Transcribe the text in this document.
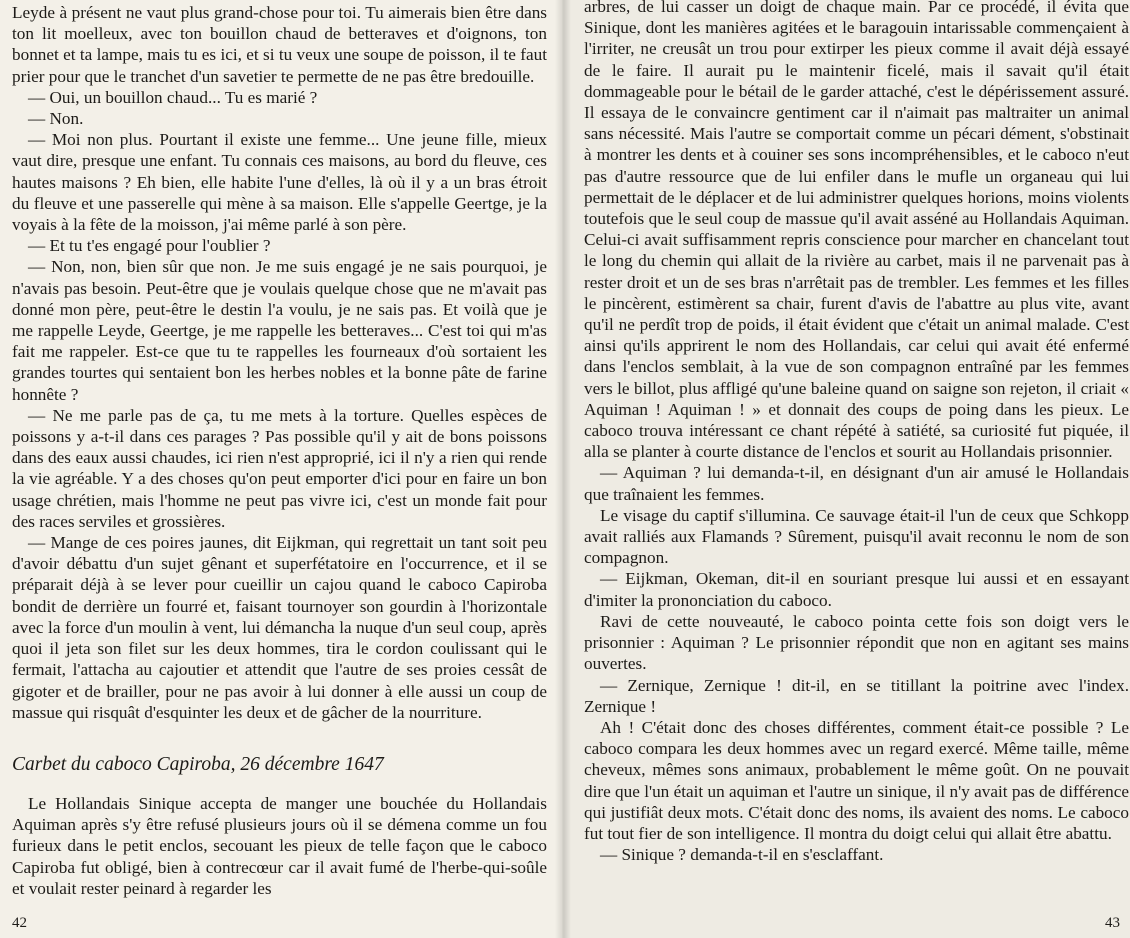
Leyde à présent ne vaut plus grand-chose pour toi. Tu aimerais bien être dans ton lit moelleux, avec ton bouillon chaud de betteraves et d'oignons, ton bonnet et ta lampe, mais tu es ici, et si tu veux une soupe de poisson, il te faut prier pour que le tranchet d'un savetier te permette de ne pas être bredouille.

— Oui, un bouillon chaud... Tu es marié ?

— Non.

— Moi non plus. Pourtant il existe une femme... Une jeune fille, mieux vaut dire, presque une enfant. Tu connais ces maisons, au bord du fleuve, ces hautes maisons ? Eh bien, elle habite l'une d'elles, là où il y a un bras étroit du fleuve et une passerelle qui mène à sa maison. Elle s'appelle Geertge, je la voyais à la fête de la moisson, j'ai même parlé à son père.

— Et tu t'es engagé pour l'oublier ?

— Non, non, bien sûr que non. Je me suis engagé je ne sais pourquoi, je n'avais pas besoin. Peut-être que je voulais quelque chose que ne m'avait pas donné mon père, peut-être le destin l'a voulu, je ne sais pas. Et voilà que je me rappelle Leyde, Geertge, je me rappelle les betteraves... C'est toi qui m'as fait me rappeler. Est-ce que tu te rappelles les fourneaux d'où sortaient les grandes tourtes qui sentaient bon les herbes nobles et la bonne pâte de farine honnête ?

— Ne me parle pas de ça, tu me mets à la torture. Quelles espèces de poissons y a-t-il dans ces parages ? Pas possible qu'il y ait de bons poissons dans des eaux aussi chaudes, ici rien n'est approprié, ici il n'y a rien qui rende la vie agréable. Y a des choses qu'on peut emporter d'ici pour en faire un bon usage chrétien, mais l'homme ne peut pas vivre ici, c'est un monde fait pour des races serviles et grossières.

— Mange de ces poires jaunes, dit Eijkman, qui regrettait un tant soit peu d'avoir débattu d'un sujet gênant et superfétatoire en l'occurrence, et il se préparait déjà à se lever pour cueillir un cajou quand le caboco Capiroba bondit de derrière un fourré et, faisant tournoyer son gourdin à l'horizontale avec la force d'un moulin à vent, lui démancha la nuque d'un seul coup, après quoi il jeta son filet sur les deux hommes, tira le cordon coulissant qui le fermait, l'attacha au cajoutier et attendit que l'autre de ses proies cessât de gigoter et de brailler, pour ne pas avoir à lui donner à elle aussi un coup de massue qui risquât d'esquinter les deux et de gâcher de la nourriture.

Carbet du caboco Capiroba, 26 décembre 1647

Le Hollandais Sinique accepta de manger une bouchée du Hollandais Aquiman après s'y être refusé plusieurs jours où il se démena comme un fou furieux dans le petit enclos, secouant les pieux de telle façon que le caboco Capiroba fut obligé, bien à contrecœur car il avait fumé de l'herbe-qui-soûle et voulait rester peinard à regarder les

42

arbres, de lui casser un doigt de chaque main. Par ce procédé, il évita que Sinique, dont les manières agitées et le baragouin intarissable commençaient à l'irriter, ne creusât un trou pour extirper les pieux comme il avait déjà essayé de le faire. Il aurait pu le maintenir ficelé, mais il savait qu'il était dommageable pour le bétail de le garder attaché, c'est le dépérissement assuré. Il essaya de le convaincre gentiment car il n'aimait pas maltraiter un animal sans nécessité. Mais l'autre se comportait comme un pécari dément, s'obstinait à montrer les dents et à couiner ses sons incompréhensibles, et le caboco n'eut pas d'autre ressource que de lui enfiler dans le mufle un organeau qui lui permettait de le déplacer et de lui administrer quelques horions, moins violents toutefois que le seul coup de massue qu'il avait asséné au Hollandais Aquiman. Celui-ci avait suffisamment repris conscience pour marcher en chancelant tout le long du chemin qui allait de la rivière au carbet, mais il ne parvenait pas à rester droit et un de ses bras n'arrêtait pas de trembler. Les femmes et les filles le pincèrent, estimèrent sa chair, furent d'avis de l'abattre au plus vite, avant qu'il ne perdît trop de poids, il était évident que c'était un animal malade. C'est ainsi qu'ils apprirent le nom des Hollandais, car celui qui avait été enfermé dans l'enclos semblait, à la vue de son compagnon entraîné par les femmes vers le billot, plus affligé qu'une baleine quand on saigne son rejeton, il criait « Aquiman ! Aquiman ! » et donnait des coups de poing dans les pieux. Le caboco trouva intéressant ce chant répété à satiété, sa curiosité fut piquée, il alla se planter à courte distance de l'enclos et sourit au Hollandais prisonnier.

— Aquiman ? lui demanda-t-il, en désignant d'un air amusé le Hollandais que traînaient les femmes.

Le visage du captif s'illumina. Ce sauvage était-il l'un de ceux que Schkopp avait ralliés aux Flamands ? Sûrement, puisqu'il avait reconnu le nom de son compagnon.

— Eijkman, Okeman, dit-il en souriant presque lui aussi et en essayant d'imiter la prononciation du caboco.

Ravi de cette nouveauté, le caboco pointa cette fois son doigt vers le prisonnier : Aquiman ? Le prisonnier répondit que non en agitant ses mains ouvertes.

— Zernique, Zernique ! dit-il, en se titillant la poitrine avec l'index. Zernique !

Ah ! C'était donc des choses différentes, comment était-ce possible ? Le caboco compara les deux hommes avec un regard exercé. Même taille, même cheveux, mêmes sons animaux, probablement le même goût. On ne pouvait dire que l'un était un aquiman et l'autre un sinique, il n'y avait pas de différence qui justifiât deux mots. C'était donc des noms, ils avaient des noms. Le caboco fut tout fier de son intelligence. Il montra du doigt celui qui allait être abattu.

— Sinique ? demanda-t-il en s'esclaffant.

43
